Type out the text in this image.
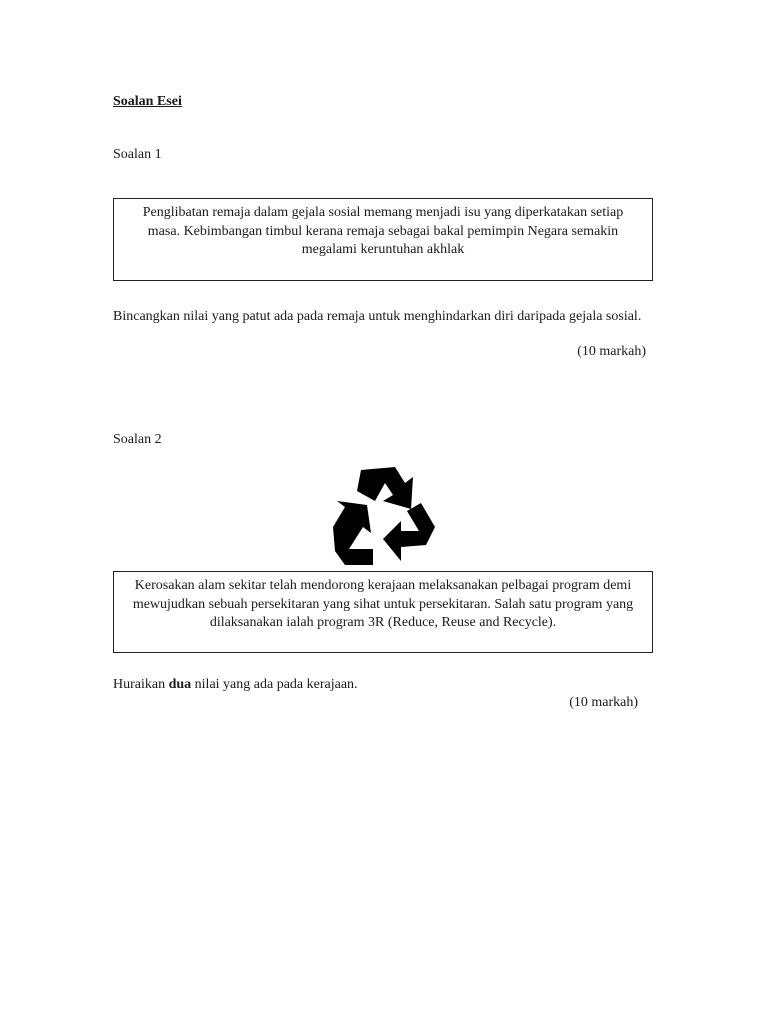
Soalan Esei
Soalan 1
Penglibatan remaja dalam gejala sosial memang menjadi isu yang diperkatakan setiap masa. Kebimbangan timbul kerana remaja sebagai bakal pemimpin Negara semakin megalami keruntuhan akhlak
Bincangkan nilai yang patut ada pada remaja untuk menghindarkan diri daripada gejala sosial.
(10 markah)
Soalan 2
Kerosakan alam sekitar telah mendorong kerajaan melaksanakan pelbagai program demi mewujudkan sebuah persekitaran yang sihat untuk persekitaran. Salah satu program yang dilaksanakan ialah program 3R (Reduce, Reuse and Recycle).
Huraikan dua nilai yang ada pada kerajaan.
(10 markah)
